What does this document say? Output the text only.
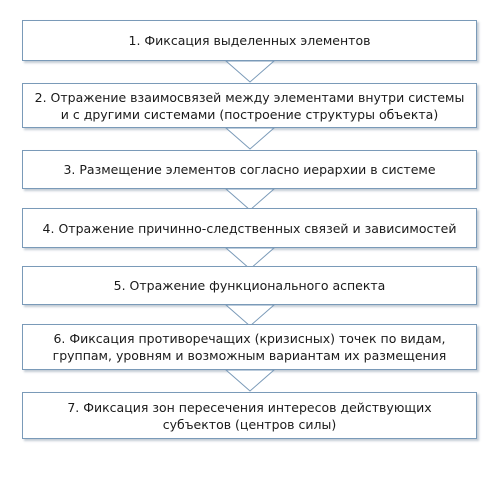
1. Фиксация выделенных элементов
2. Отражение взаимосвязей между элементами внутри системы и с другими системами (построение структуры объекта)
3. Размещение элементов согласно иерархии в системе
4. Отражение причинно-следственных связей и зависимостей
5. Отражение функционального аспекта
6. Фиксация противоречащих (кризисных) точек по видам, группам, уровням и возможным вариантам их размещения
7. Фиксация зон пересечения интересов действующих субъектов (центров силы)
